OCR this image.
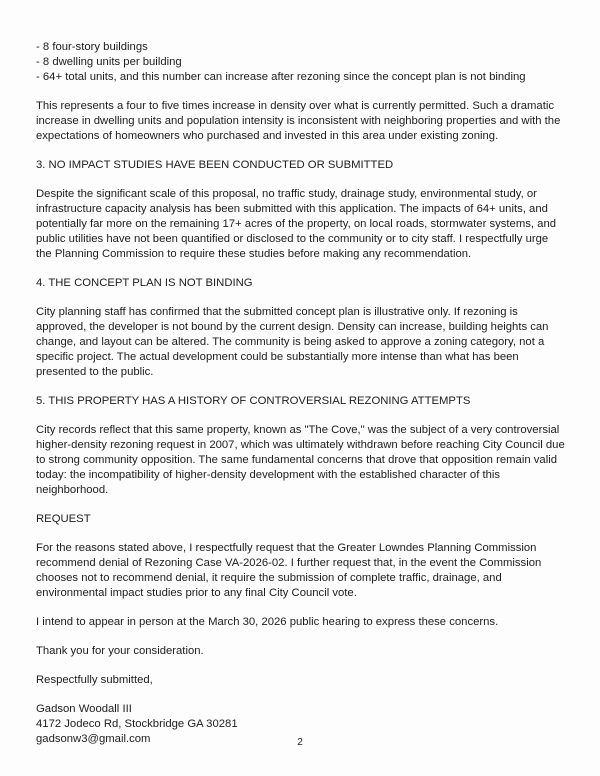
- 8 four-story buildings
- 8 dwelling units per building
- 64+ total units, and this number can increase after rezoning since the concept plan is not binding

This represents a four to five times increase in density over what is currently permitted. Such a dramatic increase in dwelling units and population intensity is inconsistent with neighboring properties and with the expectations of homeowners who purchased and invested in this area under existing zoning.

3. NO IMPACT STUDIES HAVE BEEN CONDUCTED OR SUBMITTED

Despite the significant scale of this proposal, no traffic study, drainage study, environmental study, or infrastructure capacity analysis has been submitted with this application. The impacts of 64+ units, and potentially far more on the remaining 17+ acres of the property, on local roads, stormwater systems, and public utilities have not been quantified or disclosed to the community or to city staff. I respectfully urge the Planning Commission to require these studies before making any recommendation.

4. THE CONCEPT PLAN IS NOT BINDING

City planning staff has confirmed that the submitted concept plan is illustrative only. If rezoning is approved, the developer is not bound by the current design. Density can increase, building heights can change, and layout can be altered. The community is being asked to approve a zoning category, not a specific project. The actual development could be substantially more intense than what has been presented to the public.

5. THIS PROPERTY HAS A HISTORY OF CONTROVERSIAL REZONING ATTEMPTS

City records reflect that this same property, known as "The Cove," was the subject of a very controversial higher-density rezoning request in 2007, which was ultimately withdrawn before reaching City Council due to strong community opposition. The same fundamental concerns that drove that opposition remain valid today: the incompatibility of higher-density development with the established character of this neighborhood.

REQUEST

For the reasons stated above, I respectfully request that the Greater Lowndes Planning Commission recommend denial of Rezoning Case VA-2026-02. I further request that, in the event the Commission chooses not to recommend denial, it require the submission of complete traffic, drainage, and environmental impact studies prior to any final City Council vote.

I intend to appear in person at the March 30, 2026 public hearing to express these concerns.

Thank you for your consideration.

Respectfully submitted,

Gadson Woodall III
4172 Jodeco Rd, Stockbridge GA 30281
gadsonw3@gmail.com	2
